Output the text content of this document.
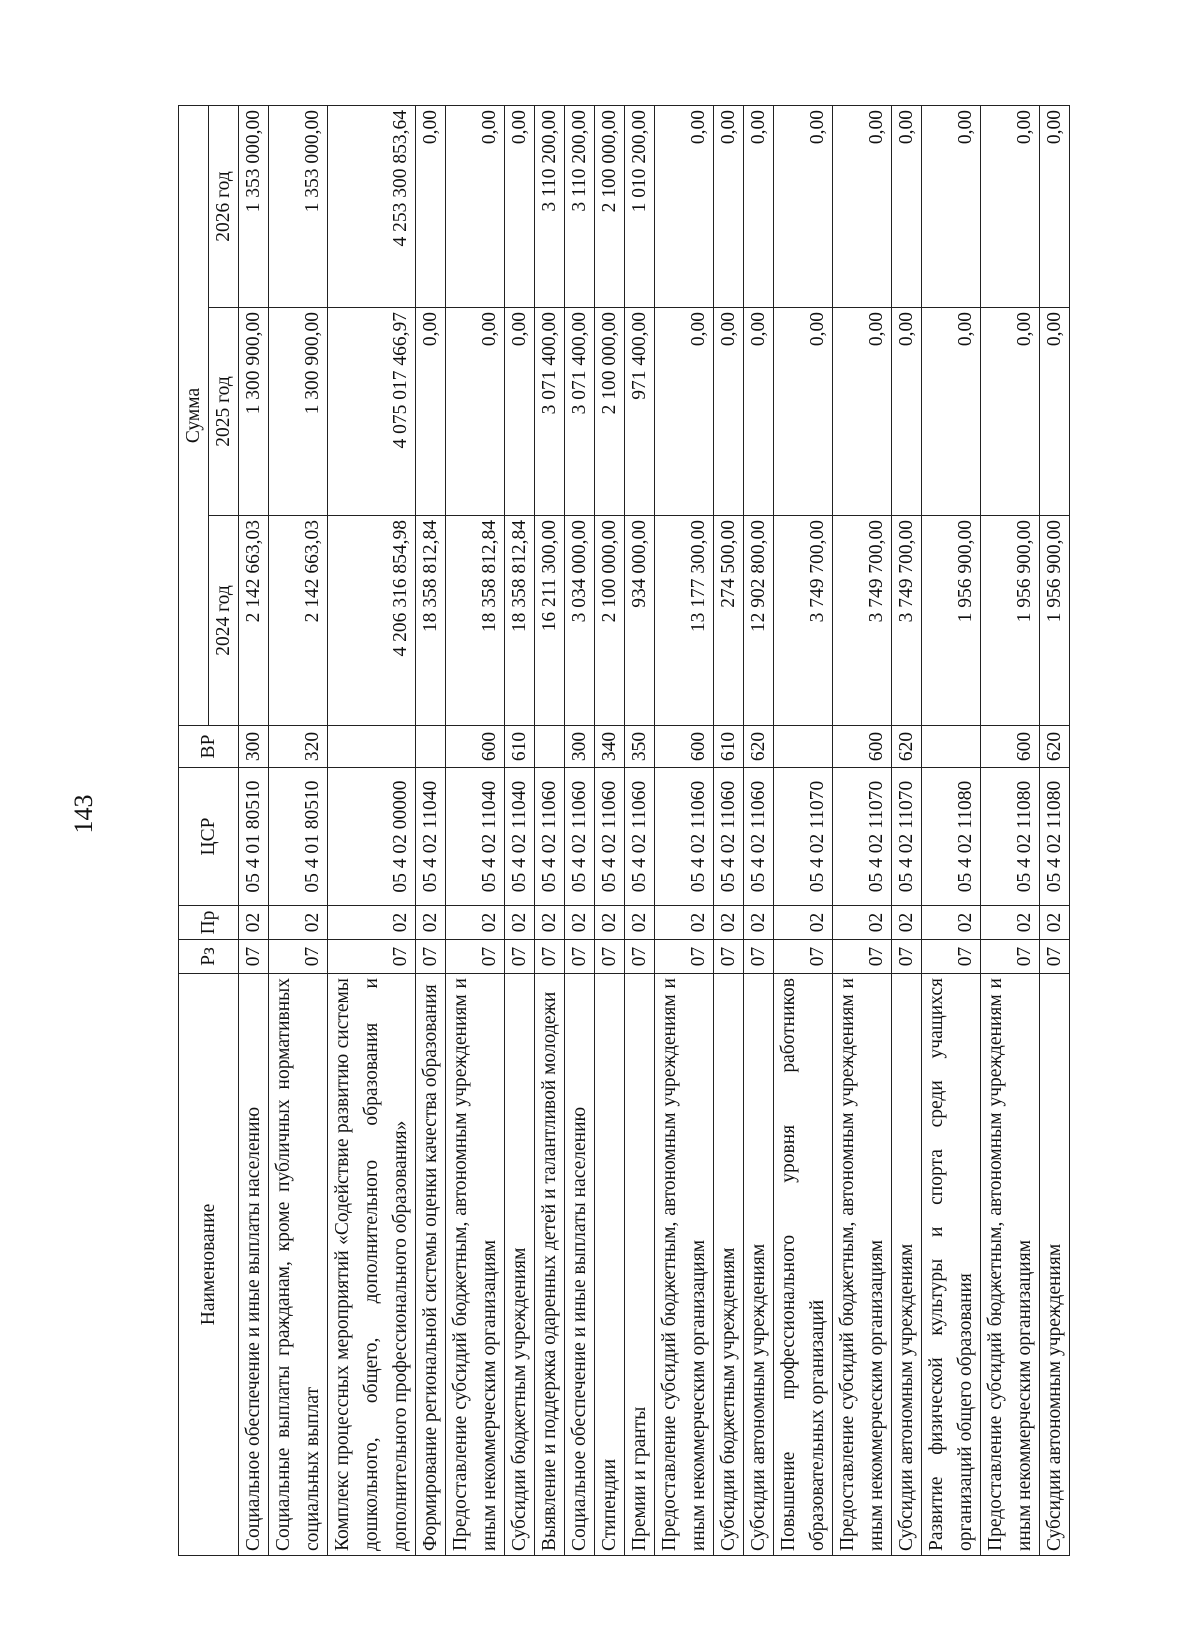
143
Наименование	Рз	Пр	ЦСР	ВР	Сумма		
					2024 год	2025 год	2026 год
Социальное обеспечение и иные выплаты населению	07	02	05 4 01 80510	300	2 142 663,03	1 300 900,00	1 353 000,00
Социальные выплаты гражданам, кроме публичных нормативных социальных выплат	07	02	05 4 01 80510	320	2 142 663,03	1 300 900,00	1 353 000,00
Комплекс процессных мероприятий «Содействие развитию системы дошкольного, общего, дополнительного образования и дополнительного профессионального образования»	07	02	05 4 02 00000		4 206 316 854,98	4 075 017 466,97	4 253 300 853,64
Формирование региональной системы оценки качества образования	07	02	05 4 02 11040		18 358 812,84	0,00	0,00
Предоставление субсидий бюджетным, автономным учреждениям и иным некоммерческим организациям	07	02	05 4 02 11040	600	18 358 812,84	0,00	0,00
Субсидии бюджетным учреждениям	07	02	05 4 02 11040	610	18 358 812,84	0,00	0,00
Выявление и поддержка одаренных детей и талантливой молодежи	07	02	05 4 02 11060		16 211 300,00	3 071 400,00	3 110 200,00
Социальное обеспечение и иные выплаты населению	07	02	05 4 02 11060	300	3 034 000,00	3 071 400,00	3 110 200,00
Стипендии	07	02	05 4 02 11060	340	2 100 000,00	2 100 000,00	2 100 000,00
Премии и гранты	07	02	05 4 02 11060	350	934 000,00	971 400,00	1 010 200,00
Предоставление субсидий бюджетным, автономным учреждениям и иным некоммерческим организациям	07	02	05 4 02 11060	600	13 177 300,00	0,00	0,00
Субсидии бюджетным учреждениям	07	02	05 4 02 11060	610	274 500,00	0,00	0,00
Субсидии автономным учреждениям	07	02	05 4 02 11060	620	12 902 800,00	0,00	0,00
Повышение профессионального уровня работников образовательных организаций	07	02	05 4 02 11070		3 749 700,00	0,00	0,00
Предоставление субсидий бюджетным, автономным учреждениям и иным некоммерческим организациям	07	02	05 4 02 11070	600	3 749 700,00	0,00	0,00
Субсидии автономным учреждениям	07	02	05 4 02 11070	620	3 749 700,00	0,00	0,00
Развитие физической культуры и спорта среди учащихся организаций общего образования	07	02	05 4 02 11080		1 956 900,00	0,00	0,00
Предоставление субсидий бюджетным, автономным учреждениям и иным некоммерческим организациям	07	02	05 4 02 11080	600	1 956 900,00	0,00	0,00
Субсидии автономным учреждениям	07	02	05 4 02 11080	620	1 956 900,00	0,00	0,00
